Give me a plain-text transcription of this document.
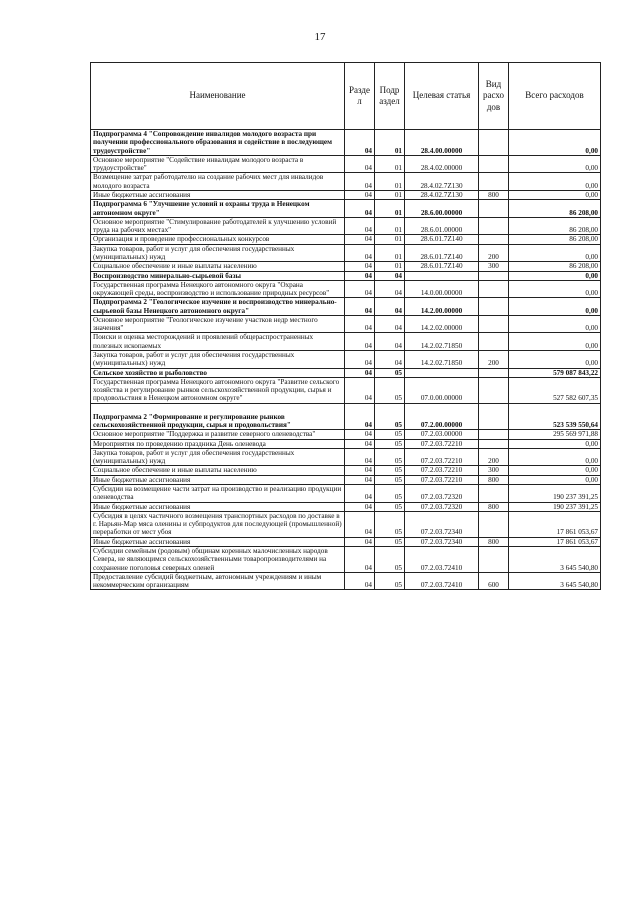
17
Наименование	Разде л	Подр аздел	Целевая статья	Вид расхо дов	Всего расходов
Подпрограмма 4 "Сопровождение инвалидов молодого возраста при получении профессионального образования и содействие в последующем трудоустройстве"	04	01	28.4.00.00000		0,00
Основное мероприятие "Содействие инвалидам молодого возраста в трудоустройстве"	04	01	28.4.02.00000		0,00
Возмещение затрат работодателю на создание рабочих мест для инвалидов молодого возраста	04	01	28.4.02.7Z130		0,00
Иные бюджетные ассигнования	04	01	28.4.02.7Z130	800	0,00
Подпрограмма 6 "Улучшение условий и охраны труда в Ненецком автономном округе"	04	01	28.6.00.00000		86 208,00
Основное мероприятие "Стимулирование работодателей к улучшению условий труда на рабочих местах"	04	01	28.6.01.00000		86 208,00
Организация и проведение профессиональных конкурсов	04	01	28.6.01.7Z140		86 208,00
Закупка товаров, работ и услуг для обеспечения государственных (муниципальных) нужд	04	01	28.6.01.7Z140	200	0,00
Социальное обеспечение и иные выплаты населению	04	01	28.6.01.7Z140	300	86 208,00
Воспроизводство минерально-сырьевой базы	04	04			0,00
Государственная программа Ненецкого автономного округа "Охрана окружающей среды, воспроизводство и использование природных ресурсов"	04	04	14.0.00.00000		0,00
Подпрограмма 2 "Геологическое изучение и воспроизводство минерально-сырьевой базы Ненецкого автономного округа"	04	04	14.2.00.00000		0,00
Основное мероприятие "Геологическое изучение участков недр местного значения"	04	04	14.2.02.00000		0,00
Поиски и оценка месторождений и проявлений общераспространенных полезных ископаемых	04	04	14.2.02.71850		0,00
Закупка товаров, работ и услуг для обеспечения государственных (муниципальных) нужд	04	04	14.2.02.71850	200	0,00
Сельское хозяйство и рыболовство	04	05			579 087 843,22
Государственная программа Ненецкого автономного округа "Развитие сельского хозяйства и регулирование рынков сельскохозяйственной продукции, сырья и продовольствия в Ненецком автономном округе"	04	05	07.0.00.00000		527 582 607,35
Подпрограмма 2 "Формирование и регулирование рынков сельскохозяйственной продукции, сырья и продовольствия"	04	05	07.2.00.00000		523 539 550,64
Основное мероприятие "Поддержка и развитие северного оленеводства"	04	05	07.2.03.00000		295 569 971,88
Мероприятия по проведению праздника День оленевода	04	05	07.2.03.72210		0,00
Закупка товаров, работ и услуг для обеспечения государственных (муниципальных) нужд	04	05	07.2.03.72210	200	0,00
Социальное обеспечение и иные выплаты населению	04	05	07.2.03.72210	300	0,00
Иные бюджетные ассигнования	04	05	07.2.03.72210	800	0,00
Субсидии на возмещение части затрат на производство и реализацию продукции оленеводства	04	05	07.2.03.72320		190 237 391,25
Иные бюджетные ассигнования	04	05	07.2.03.72320	800	190 237 391,25
Субсидия в целях частичного возмещения транспортных расходов по доставке в г. Нарьян-Мар мяса оленины и субпродуктов для последующей (промышленной) переработки от мест убоя	04	05	07.2.03.72340		17 861 053,67
Иные бюджетные ассигнования	04	05	07.2.03.72340	800	17 861 053,67
Субсидии семейным (родовым) общинам коренных малочисленных народов Севера, не являющимся сельскохозяйственными товаропроизводителями на сохранение поголовья северных оленей	04	05	07.2.03.72410		3 645 540,80
Предоставление субсидий бюджетным, автономным учреждениям и иным некоммерческим организациям	04	05	07.2.03.72410	600	3 645 540,80
